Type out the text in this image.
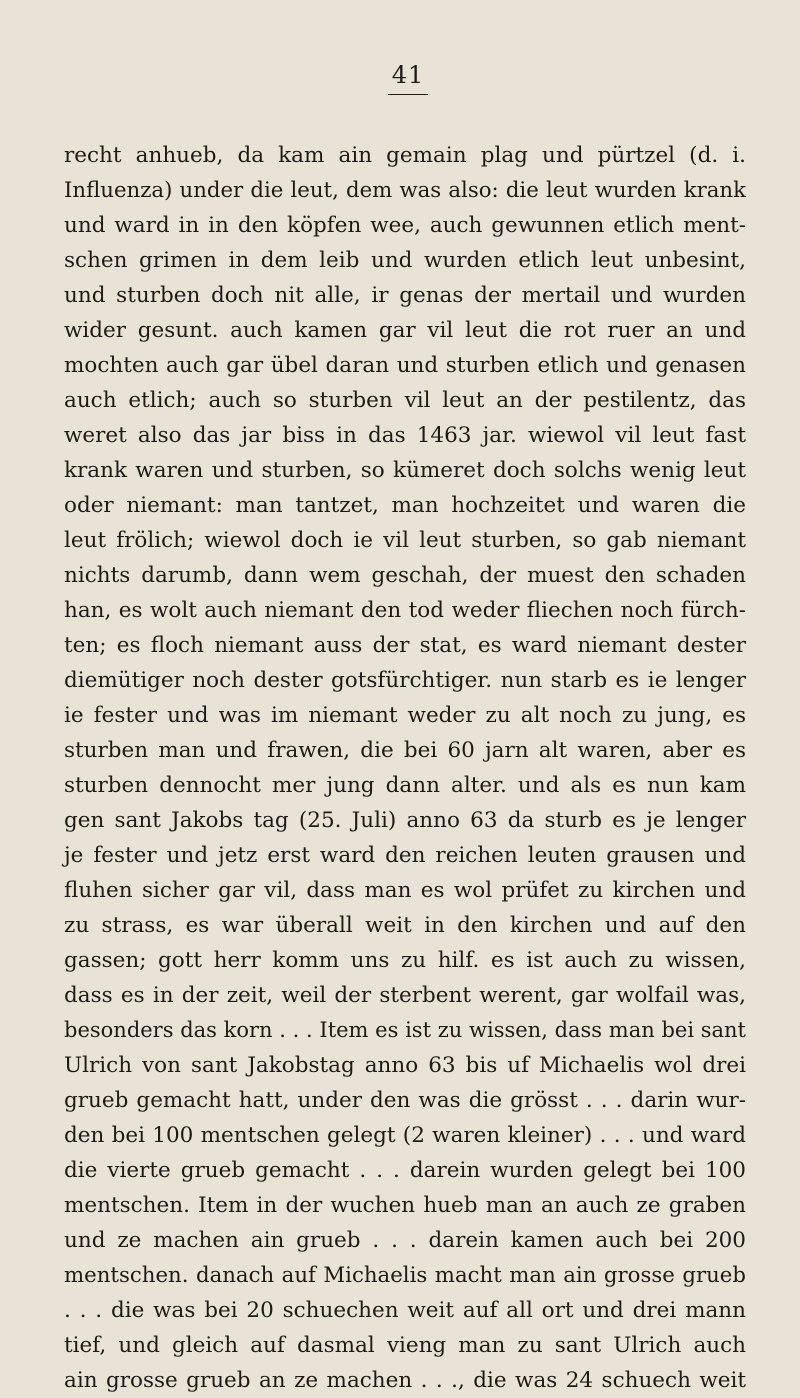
41
recht anhueb, da kam ain gemain plag und pürtzel (d. i.
Influenza) under die leut, dem was also: die leut wurden krank
und ward in in den köpfen wee, auch gewunnen etlich ment-
schen grimen in dem leib und wurden etlich leut unbesint,
und sturben doch nit alle, ir genas der mertail und wurden
wider gesunt. auch kamen gar vil leut die rot ruer an und
mochten auch gar übel daran und sturben etlich und genasen
auch etlich; auch so sturben vil leut an der pestilentz, das
weret also das jar biss in das 1463 jar. wiewol vil leut fast
krank waren und sturben, so kümeret doch solchs wenig leut
oder niemant: man tantzet, man hochzeitet und waren die
leut frölich; wiewol doch ie vil leut sturben, so gab niemant
nichts darumb, dann wem geschah, der muest den schaden
han, es wolt auch niemant den tod weder fliechen noch fürch-
ten; es floch niemant auss der stat, es ward niemant dester
diemütiger noch dester gotsfürchtiger. nun starb es ie lenger
ie fester und was im niemant weder zu alt noch zu jung, es
sturben man und frawen, die bei 60 jarn alt waren, aber es
sturben dennocht mer jung dann alter. und als es nun kam
gen sant Jakobs tag (25. Juli) anno 63 da sturb es je lenger
je fester und jetz erst ward den reichen leuten grausen und
fluhen sicher gar vil, dass man es wol prüfet zu kirchen und
zu strass, es war überall weit in den kirchen und auf den
gassen; gott herr komm uns zu hilf. es ist auch zu wissen,
dass es in der zeit, weil der sterbent werent, gar wolfail was,
besonders das korn . . . Item es ist zu wissen, dass man bei sant
Ulrich von sant Jakobstag anno 63 bis uf Michaelis wol drei
grueb gemacht hatt, under den was die grösst . . . darin wur-
den bei 100 mentschen gelegt (2 waren kleiner) . . . und ward
die vierte grueb gemacht . . . darein wurden gelegt bei 100
mentschen. Item in der wuchen hueb man an auch ze graben
und ze machen ain grueb . . . darein kamen auch bei 200
mentschen. danach auf Michaelis macht man ain grosse grueb
. . . die was bei 20 schuechen weit auf all ort und drei mann
tief, und gleich auf dasmal vieng man zu sant Ulrich auch
ain grosse grueb an ze machen . . ., die was 24 schuech weit
